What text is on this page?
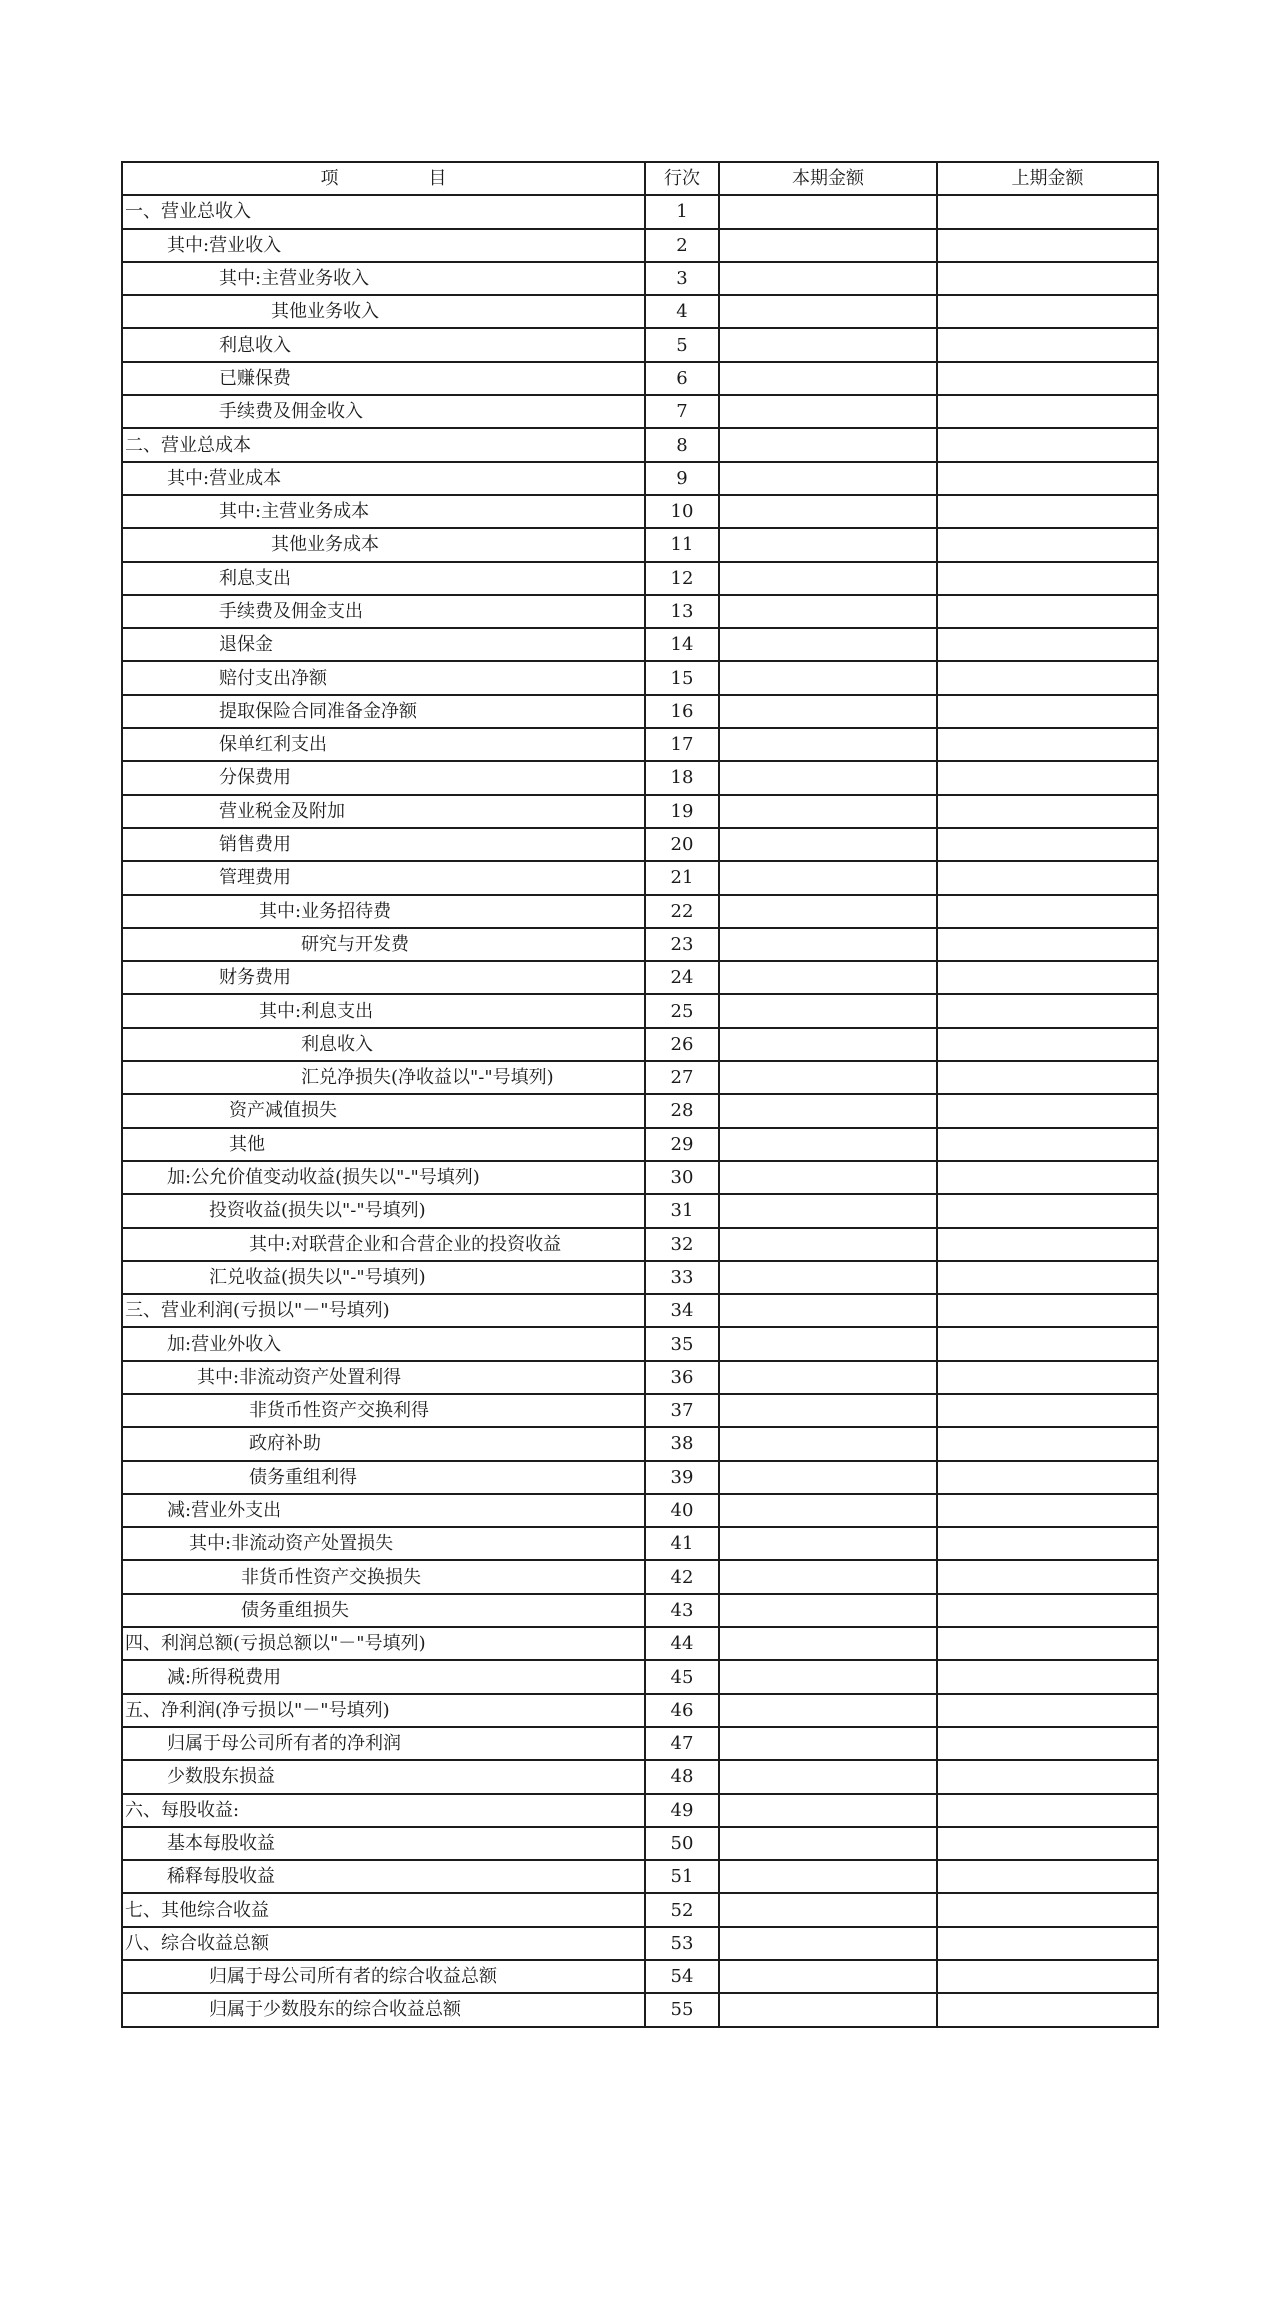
项　　　　　目	行次	本期金额	上期金额
一、营业总收入	1		
其中:营业收入	2		
其中:主营业务收入	3		
其他业务收入	4		
利息收入	5		
已赚保费	6		
手续费及佣金收入	7		
二、营业总成本	8		
其中:营业成本	9		
其中:主营业务成本	10		
其他业务成本	11		
利息支出	12		
手续费及佣金支出	13		
退保金	14		
赔付支出净额	15		
提取保险合同准备金净额	16		
保单红利支出	17		
分保费用	18		
营业税金及附加	19		
销售费用	20		
管理费用	21		
其中:业务招待费	22		
研究与开发费	23		
财务费用	24		
其中:利息支出	25		
利息收入	26		
汇兑净损失(净收益以"-"号填列)	27		
资产减值损失	28		
其他	29		
加:公允价值变动收益(损失以"-"号填列)	30		
投资收益(损失以"-"号填列)	31		
其中:对联营企业和合营企业的投资收益	32		
汇兑收益(损失以"-"号填列)	33		
三、营业利润(亏损以"－"号填列)	34		
加:营业外收入	35		
其中:非流动资产处置利得	36		
非货币性资产交换利得	37		
政府补助	38		
债务重组利得	39		
减:营业外支出	40		
其中:非流动资产处置损失	41		
非货币性资产交换损失	42		
债务重组损失	43		
四、利润总额(亏损总额以"－"号填列)	44		
减:所得税费用	45		
五、净利润(净亏损以"－"号填列)	46		
归属于母公司所有者的净利润	47		
少数股东损益	48		
六、每股收益:	49		
基本每股收益	50		
稀释每股收益	51		
七、其他综合收益	52		
八、综合收益总额	53		
归属于母公司所有者的综合收益总额	54		
归属于少数股东的综合收益总额	55		
